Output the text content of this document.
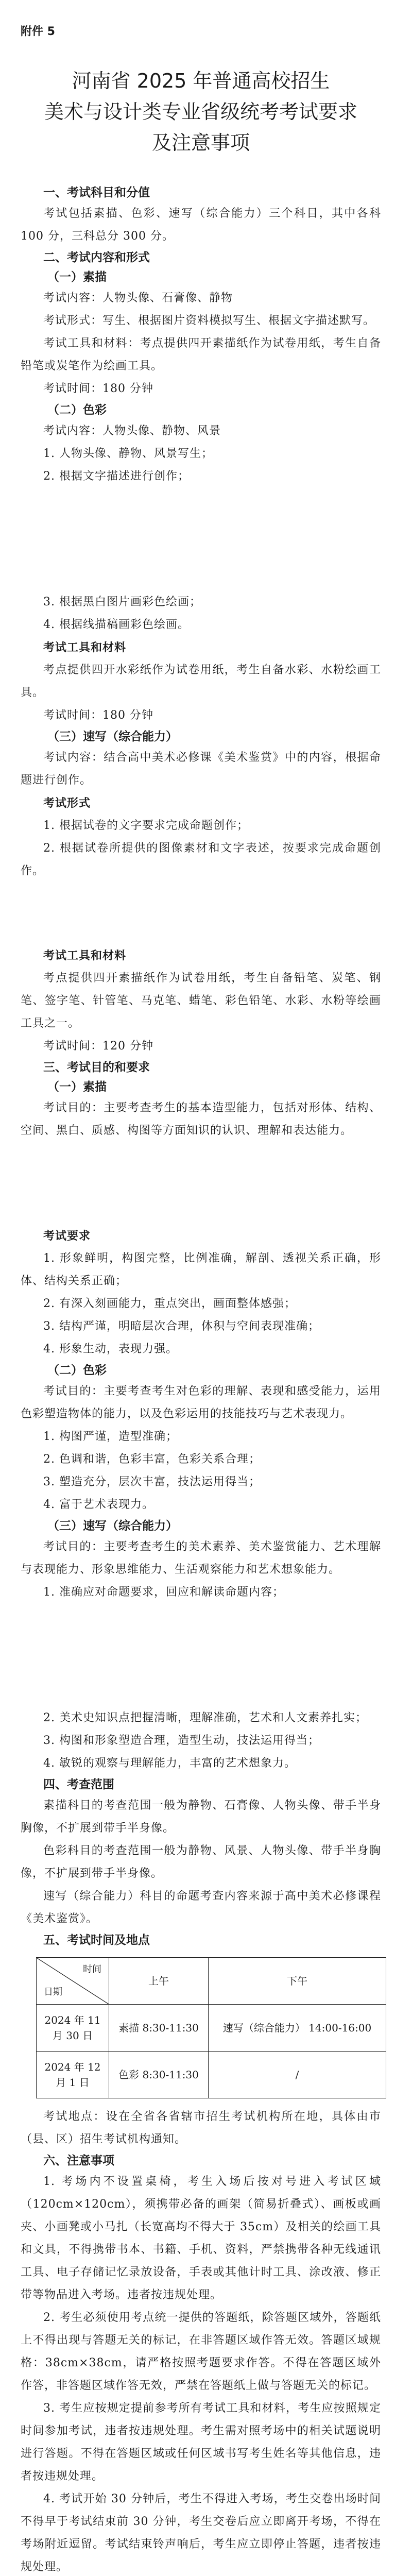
附件 5
河南省 2025 年普通高校招生
美术与设计类专业省级统考考试要求
及注意事项
一、考试科目和分值
考试包括素描、色彩、速写（综合能力）三个科目，其中各科 100 分，三科总分 300 分。
二、考试内容和形式
（一）素描
考试内容：人物头像、石膏像、静物
考试形式：写生、根据图片资料模拟写生、根据文字描述默写。
考试工具和材料：考点提供四开素描纸作为试卷用纸，考生自备铅笔或炭笔作为绘画工具。
考试时间：180 分钟
（二）色彩
考试内容：人物头像、静物、风景
1. 人物头像、静物、风景写生；
2. 根据文字描述进行创作；
3. 根据黑白图片画彩色绘画；
4. 根据线描稿画彩色绘画。
考试工具和材料
考点提供四开水彩纸作为试卷用纸，考生自备水彩、水粉绘画工具。
考试时间：180 分钟
（三）速写（综合能力）
考试内容：结合高中美术必修课《美术鉴赏》中的内容，根据命题进行创作。
考试形式
1. 根据试卷的文字要求完成命题创作；
2. 根据试卷所提供的图像素材和文字表述，按要求完成命题创作。
考试工具和材料
考点提供四开素描纸作为试卷用纸，考生自备铅笔、炭笔、钢笔、签字笔、针管笔、马克笔、蜡笔、彩色铅笔、水彩、水粉等绘画工具之一。
考试时间：120 分钟
三、考试目的和要求
（一）素描
考试目的：主要考查考生的基本造型能力，包括对形体、结构、空间、黑白、质感、构图等方面知识的认识、理解和表达能力。
考试要求
1. 形象鲜明，构图完整，比例准确，解剖、透视关系正确，形体、结构关系正确；
2. 有深入刻画能力，重点突出，画面整体感强；
3. 结构严谨，明暗层次合理，体积与空间表现准确；
4. 形象生动，表现力强。
（二）色彩
考试目的：主要考查考生对色彩的理解、表现和感受能力，运用色彩塑造物体的能力，以及色彩运用的技能技巧与艺术表现力。
1. 构图严谨，造型准确；
2. 色调和谐，色彩丰富，色彩关系合理；
3. 塑造充分，层次丰富，技法运用得当；
4. 富于艺术表现力。
（三）速写（综合能力）
考试目的：主要考查考生的美术素养、美术鉴赏能力、艺术理解与表现能力、形象思维能力、生活观察能力和艺术想象能力。
1. 准确应对命题要求，回应和解读命题内容；
2. 美术史知识点把握清晰，理解准确，艺术和人文素养扎实；
3. 构图和形象塑造合理，造型生动，技法运用得当；
4. 敏锐的观察与理解能力，丰富的艺术想象力。
四、考查范围
素描科目的考查范围一般为静物、石膏像、人物头像、带手半身胸像，不扩展到带手半身像。
色彩科目的考查范围一般为静物、风景、人物头像、带手半身胸像，不扩展到带手半身像。
速写（综合能力）科目的命题考查内容来源于高中美术必修课程《美术鉴赏》。
五、考试时间及地点
时间
日期	上午	下午
2024 年 11 月 30 日	素描 8:30-11:30	速写（综合能力） 14:00-16:00
2024 年 12 月 1 日	色彩 8:30-11:30	/
考试地点：设在全省各省辖市招生考试机构所在地，具体由市（县、区）招生考试机构通知。
六、注意事项
1. 考场内不设置桌椅，考生入场后按对号进入考试区域（120cm×120cm），须携带必备的画架（简易折叠式）、画板或画夹、小画凳或小马扎（长宽高均不得大于 35cm）及相关的绘画工具和文具，不得携带书本、书籍、手机、资料，严禁携带各种无线通讯工具、电子存储记忆录放设备，手表或其他计时工具、涂改液、修正带等物品进入考场。违者按违规处理。
2. 考生必须使用考点统一提供的答题纸，除答题区域外，答题纸上不得出现与答题无关的标记，在非答题区域作答无效。答题区域规格：38cm×38cm，请严格按照考题要求作答。不得在答题区域外作答，非答题区域作答无效，严禁在答题纸上做与答题无关的标记。
3. 考生应按规定提前参考所有考试工具和材料，考生应按照规定时间参加考试，违者按违规处理。考生需对照考场中的相关试题说明进行答题。不得在答题区域或任何区域书写考生姓名等其他信息，违者按违规处理。
4. 考试开始 30 分钟后，考生不得进入考场，考生交卷出场时间不得早于考试结束前 30 分钟，考生交卷后应立即离开考场，不得在考场附近逗留。考试结束铃声响后，考生应立即停止答题，违者按违规处理。
